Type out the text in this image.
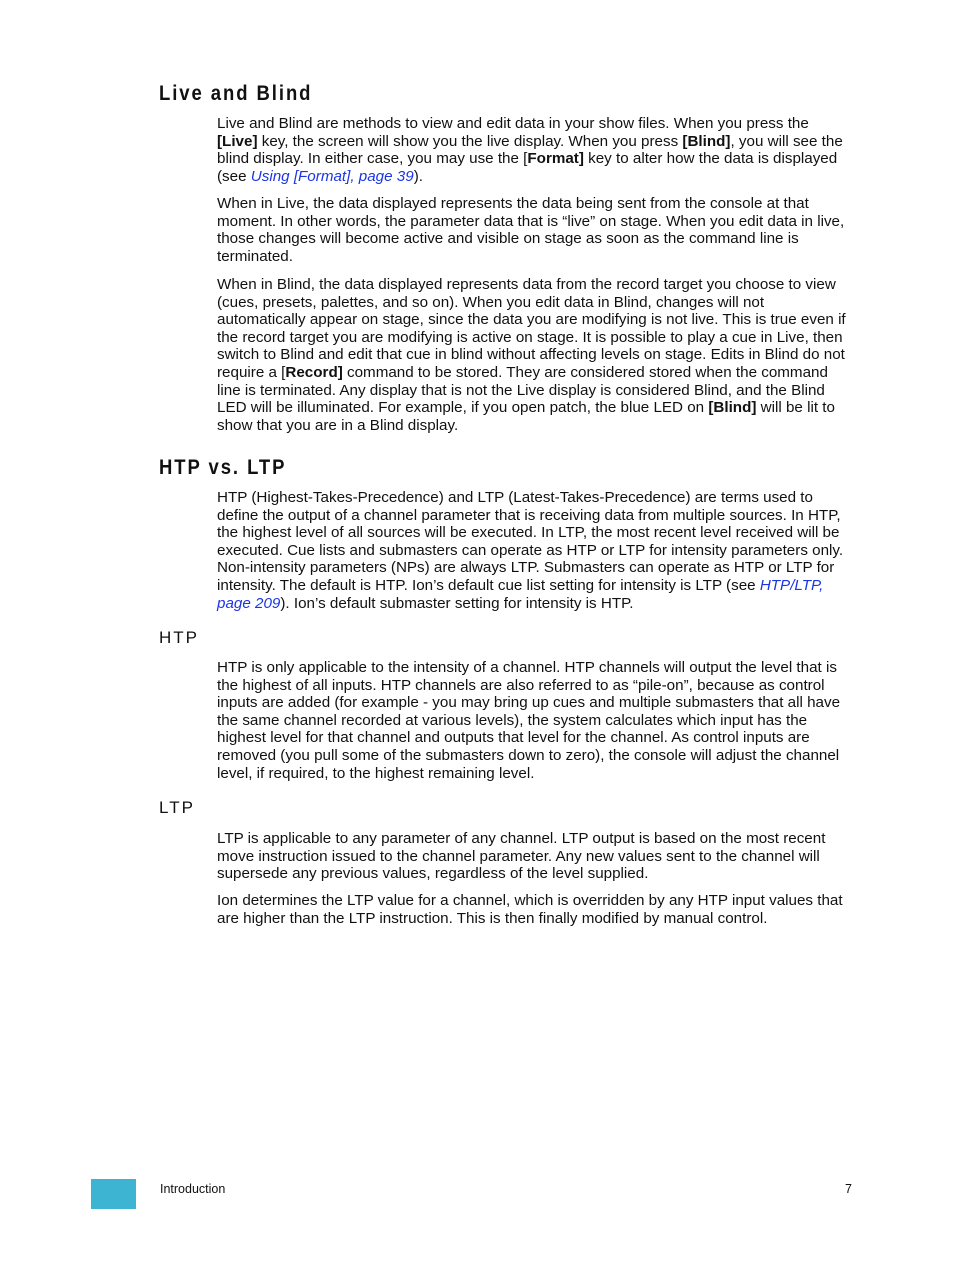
Live and Blind

Live and Blind are methods to view and edit data in your show files. When you press the [Live] key, the screen will show you the live display. When you press [Blind], you will see the blind display. In either case, you may use the [Format] key to alter how the data is displayed (see Using [Format], page 39).

When in Live, the data displayed represents the data being sent from the console at that moment. In other words, the parameter data that is “live” on stage. When you edit data in live, those changes will become active and visible on stage as soon as the command line is terminated.

When in Blind, the data displayed represents data from the record target you choose to view (cues, presets, palettes, and so on). When you edit data in Blind, changes will not automatically appear on stage, since the data you are modifying is not live. This is true even if the record target you are modifying is active on stage. It is possible to play a cue in Live, then switch to Blind and edit that cue in blind without affecting levels on stage. Edits in Blind do not require a [Record] command to be stored. They are considered stored when the command line is terminated. Any display that is not the Live display is considered Blind, and the Blind LED will be illuminated. For example, if you open patch, the blue LED on [Blind] will be lit to show that you are in a Blind display.

HTP vs. LTP

HTP (Highest-Takes-Precedence) and LTP (Latest-Takes-Precedence) are terms used to define the output of a channel parameter that is receiving data from multiple sources. In HTP, the highest level of all sources will be executed. In LTP, the most recent level received will be executed. Cue lists and submasters can operate as HTP or LTP for intensity parameters only. Non-intensity parameters (NPs) are always LTP. Submasters can operate as HTP or LTP for intensity. The default is HTP. Ion’s default cue list setting for intensity is LTP (see HTP/LTP, page 209). Ion’s default submaster setting for intensity is HTP.

HTP

HTP is only applicable to the intensity of a channel. HTP channels will output the level that is the highest of all inputs. HTP channels are also referred to as “pile-on”, because as control inputs are added (for example - you may bring up cues and multiple submasters that all have the same channel recorded at various levels), the system calculates which input has the highest level for that channel and outputs that level for the channel. As control inputs are removed (you pull some of the submasters down to zero), the console will adjust the channel level, if required, to the highest remaining level.

LTP

LTP is applicable to any parameter of any channel. LTP output is based on the most recent move instruction issued to the channel parameter. Any new values sent to the channel will supersede any previous values, regardless of the level supplied.

Ion determines the LTP value for a channel, which is overridden by any HTP input values that are higher than the LTP instruction. This is then finally modified by manual control.

Introduction	7
